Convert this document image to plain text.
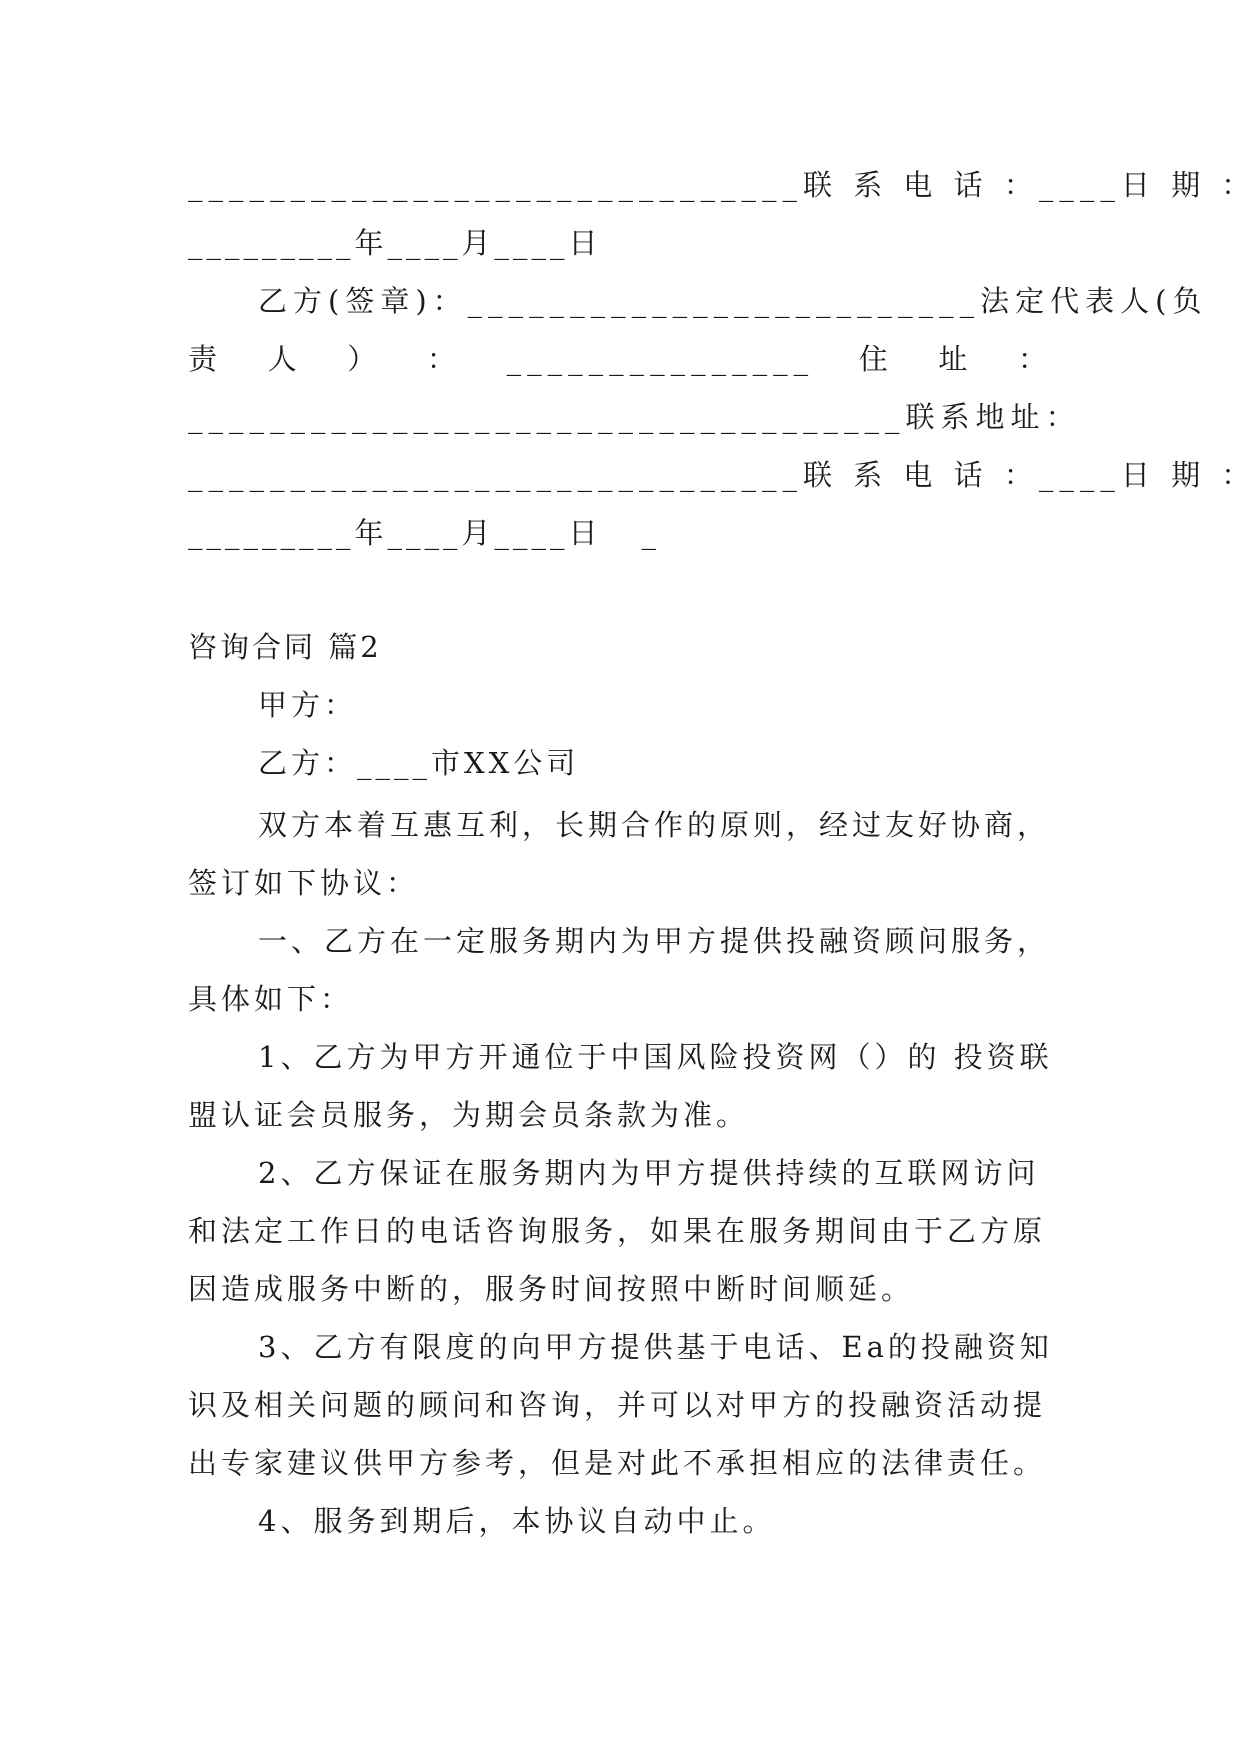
______________________________ 联 系 电 话 ： ____ 日 期 ：
_________年____月____日
乙方(签章)： _________________________ 法定代表人(负
责 人 ） ： _______________ 住 址 ：
___________________________________ 联 系 地 址 ：
______________________________ 联 系 电 话 ： ____ 日 期 ：
_________年____月____日 _
咨询合同 篇2
甲方：
乙方：____市XX公司
双方本着互惠互利，长期合作的原则，经过友好协商，签订如下协议：
一、乙方在一定服务期内为甲方提供投融资顾问服务，具体如下：
1、乙方为甲方开通位于中国风险投资网（）的 投资联盟认证会员服务，为期会员条款为准。
2、乙方保证在服务期内为甲方提供持续的互联网访问和法定工作日的电话咨询服务，如果在服务期间由于乙方原因造成服务中断的，服务时间按照中断时间顺延。
3、乙方有限度的向甲方提供基于电话、Ea的投融资知识及相关问题的顾问和咨询，并可以对甲方的投融资活动提出专家建议供甲方参考，但是对此不承担相应的法律责任。
4、服务到期后，本协议自动中止。
